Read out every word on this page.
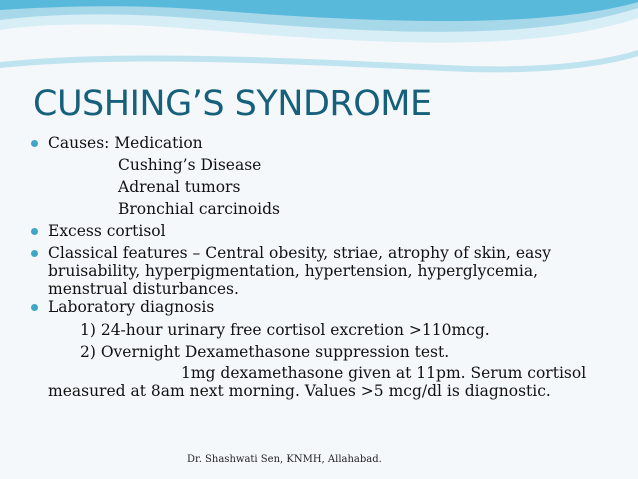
CUSHING’S SYNDROME
Causes: Medication
Cushing’s Disease
Adrenal tumors
Bronchial carcinoids
Excess cortisol
Classical features – Central obesity, striae, atrophy of skin, easy
bruisability, hyperpigmentation, hypertension, hyperglycemia,
menstrual disturbances.
Laboratory diagnosis
1) 24-hour urinary free cortisol excretion >110mcg.
2) Overnight Dexamethasone suppression test.
1mg dexamethasone given at 11pm. Serum cortisol
measured at 8am next morning. Values >5 mcg/dl is diagnostic.
Dr. Shashwati Sen, KNMH, Allahabad.
